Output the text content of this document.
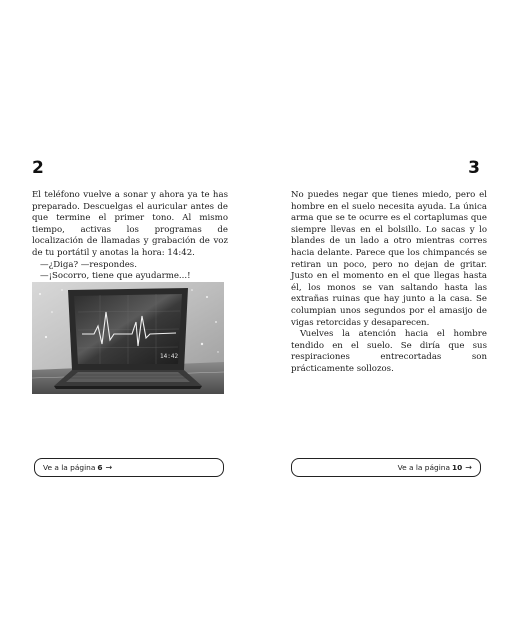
2

El teléfono vuelve a sonar y ahora ya te has preparado. Descuelgas el auricular antes de que termine el primer tono. Al mismo tiempo, activas los programas de localización de llamadas y grabación de voz de tu portátil y anotas la hora: 14:42.

—¿Diga? —respondes.

—¡Socorro, tiene que ayudarme...!

14:42
Ve a la página 6 →
3

No puedes negar que tienes miedo, pero el hombre en el suelo necesita ayuda. La única arma que se te ocurre es el cortaplumas que siempre llevas en el bolsillo. Lo sacas y lo blandes de un lado a otro mientras corres hacia delante. Parece que los chimpancés se retiran un poco, pero no dejan de gritar. Justo en el momento en el que llegas hasta él, los monos se van saltando hasta las extrañas ruinas que hay junto a la casa. Se columpian unos segundos por el amasijo de vigas retorcidas y desaparecen.

Vuelves la atención hacia el hombre tendido en el suelo. Se diría que sus respiraciones entrecortadas son prácticamente sollozos.

Ve a la página 10 →
